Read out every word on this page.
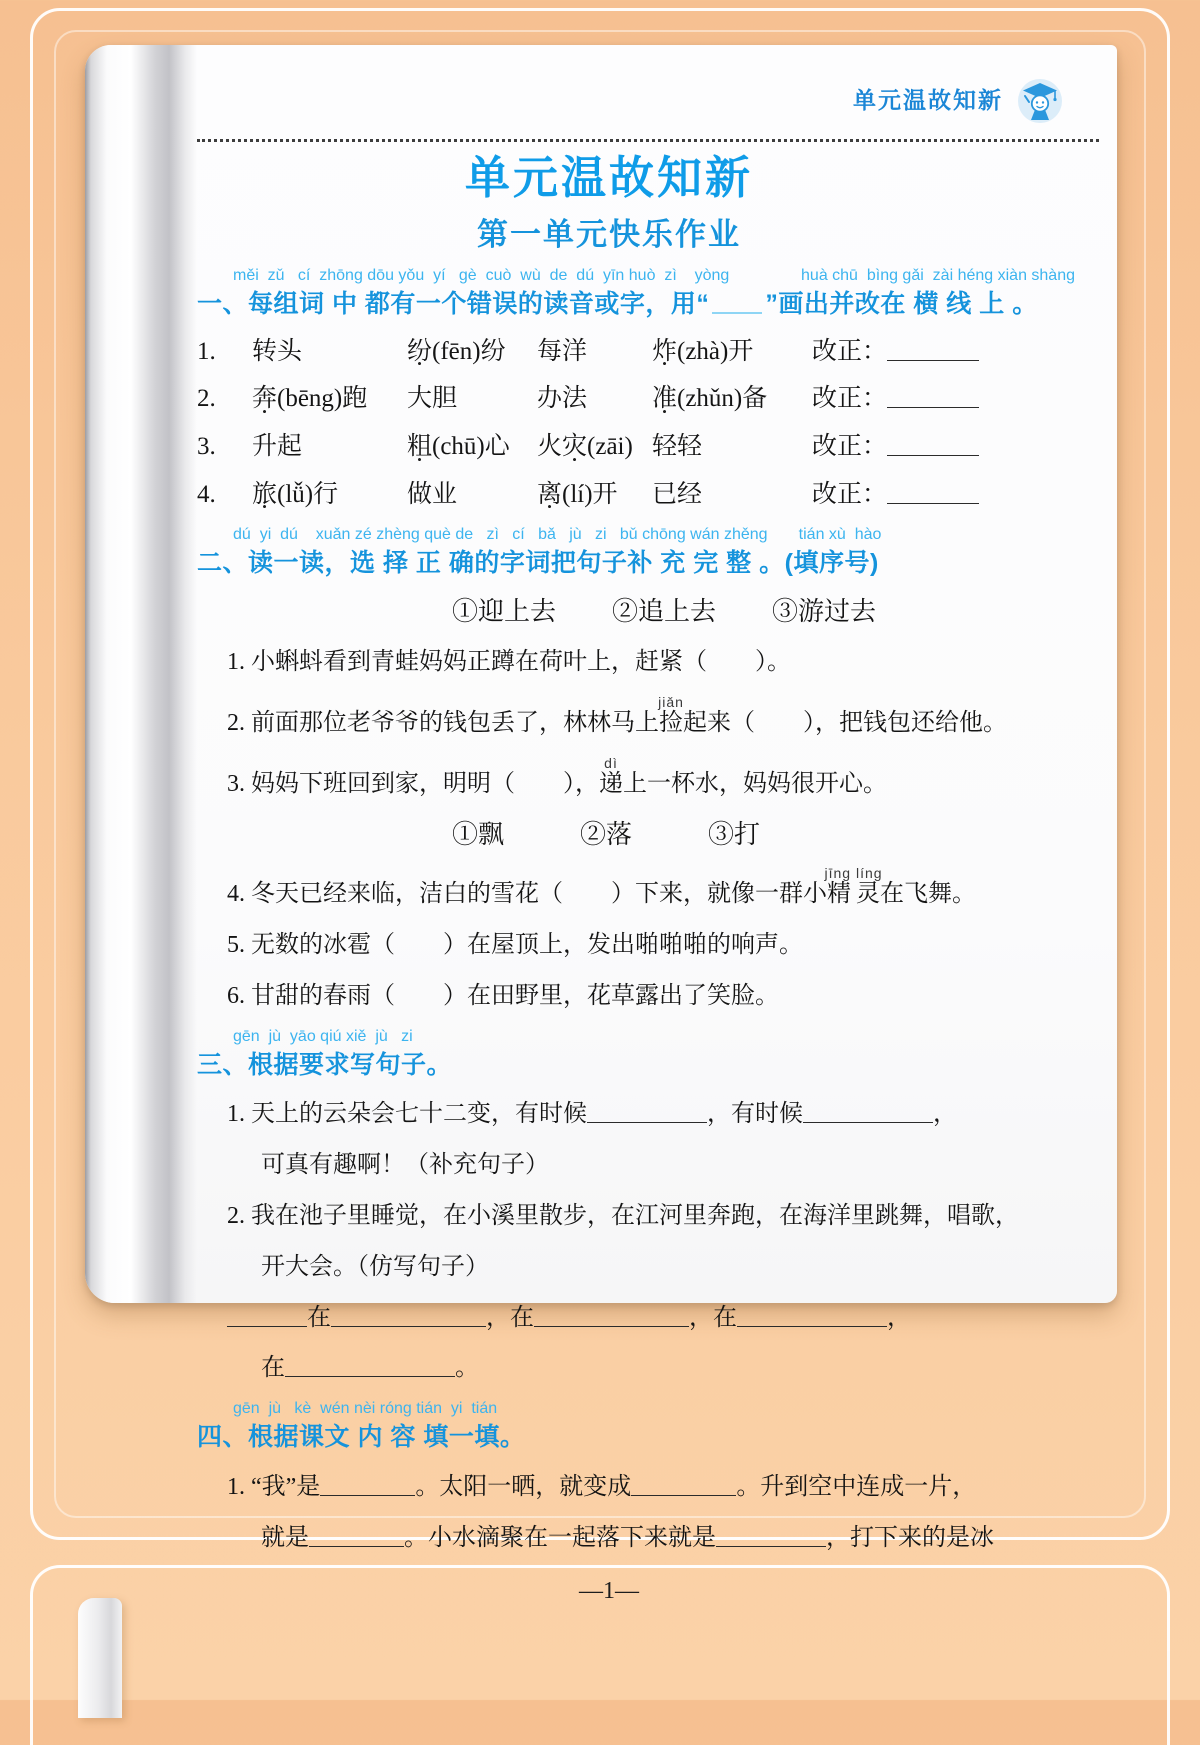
单元温故知新
单元温故知新
第一单元快乐作业
měi  zǔ   cí  zhōng dōu yǒu  yí   gè  cuò  wù  de  dú  yīn huò  zì    yòng	huà chū  bìng gǎi  zài héng xiàn shàng
一、每组词 中 都有一个错误的读音或字，用“ ”画出并改在 横 线 上 。
1.	转头	纷(fēn)纷	每洋	炸(zhà)开	改正：
2.	奔(bēng)跑	大胆	办法	准(zhǔn)备	改正：
3.	升起	粗(chū)心	火灾(zāi) 轻轻	改正：
4.	旅(lǚ)行	做业	离(lí)开	已经	改正：
dú  yi  dú    xuǎn zé zhèng què de   zì   cí   bǎ   jù   zi   bǔ chōng wán zhěng       tián xù  hào
二、读一读，选 择 正 确的字词把句子补 充 完 整 。(填序号)
①迎上去 ②追上去 ③游过去
1. 小蝌蚪看到青蛙妈妈正蹲在荷叶上，赶紧（　　）。
2. 前面那位老爷爷的钱包丢了，林林马上捡jiǎn起来（　　），把钱包还给他。
3. 妈妈下班回到家，明明（　　），递dì上一杯水，妈妈很开心。
①飘	②落	③打
4. 冬天已经来临，洁白的雪花（　　）下来，就像一群小精灵jīng líng在飞舞。
5. 无数的冰雹（　　）在屋顶上，发出啪啪啪的响声。
6. 甘甜的春雨（　　）在田野里，花草露出了笑脸。
gēn  jù  yāo qiú xiě  jù   zi
三、根据要求写句子。
1. 天上的云朵会七十二变，有时候	，有时候	，
可真有趣啊！（补充句子）
2. 我在池子里睡觉，在小溪里散步，在江河里奔跑，在海洋里跳舞，唱歌，
开大会。（仿写句子）
在	，在	，在	，
在	。
gēn  jù   kè  wén nèi róng tián  yi  tián
四、根据课文 内 容 填一填。
1. “我”是	。太阳一晒，就变成	。升到空中连成一片，
就是	。小水滴聚在一起落下来就是	，打下来的是冰
—1—
